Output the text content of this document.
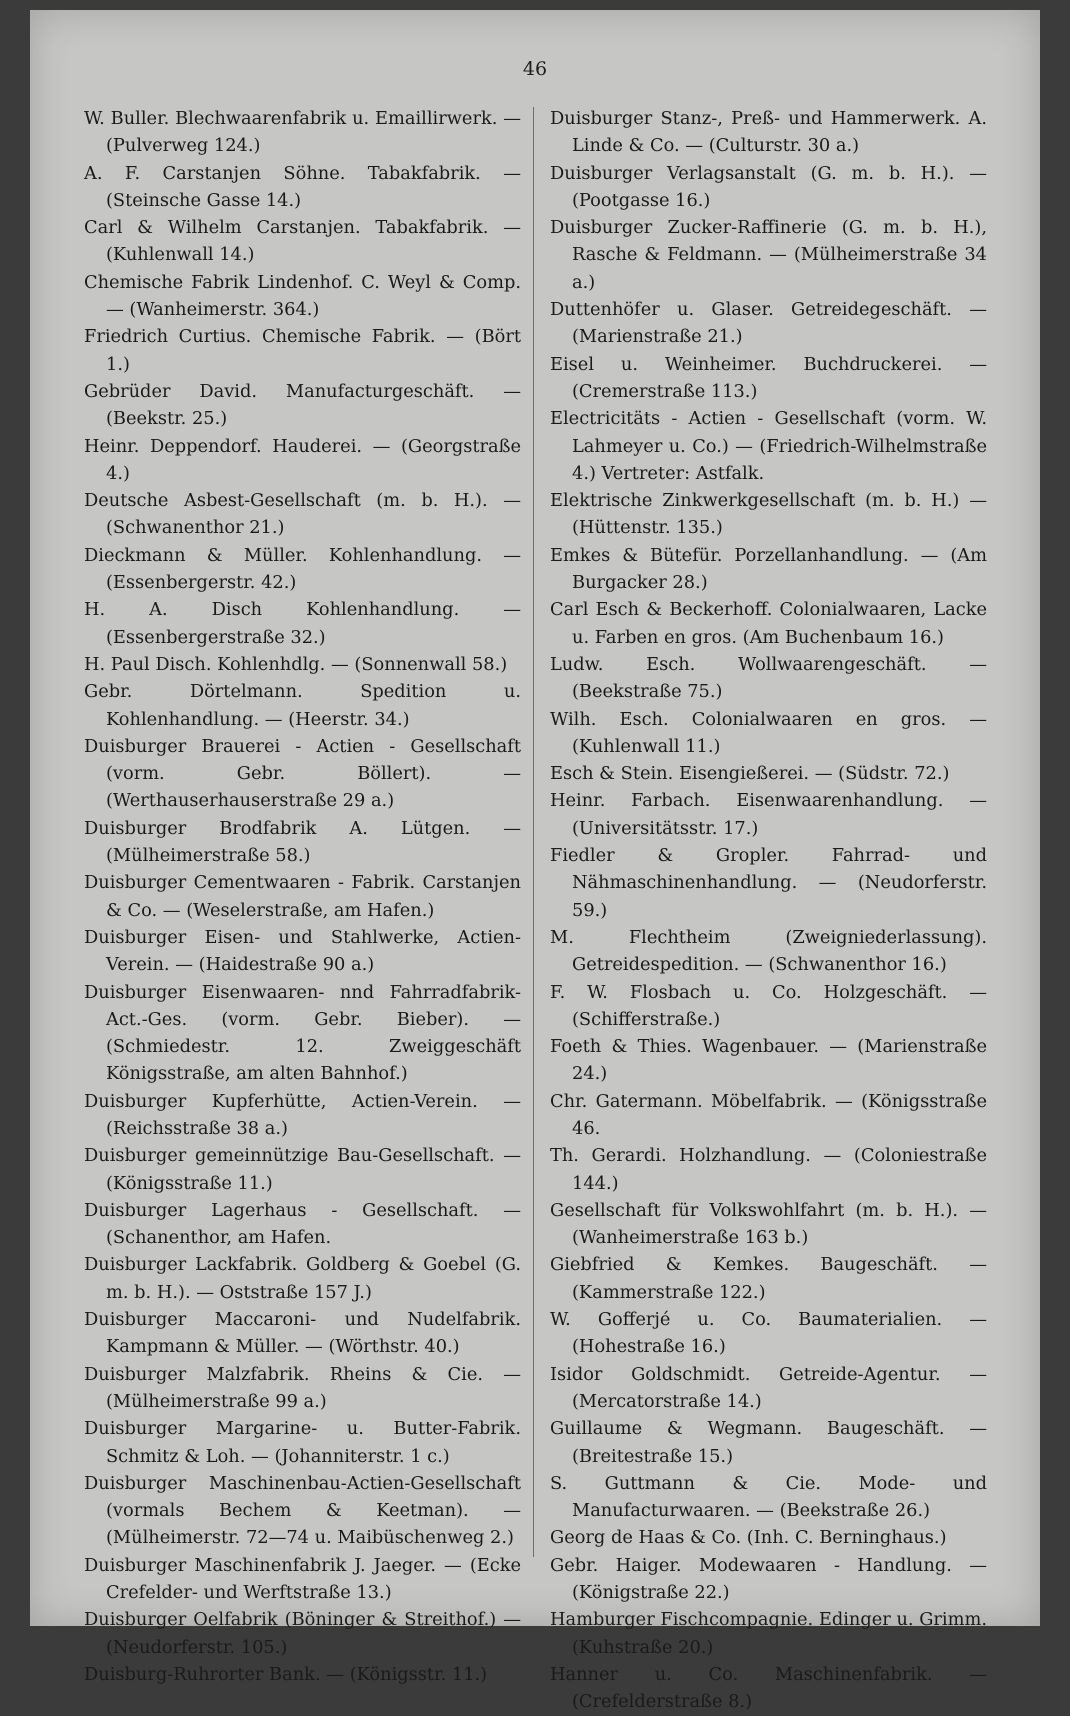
46

W. Buller. Blechwaarenfabrik u. Emaillirwerk. — (Pulverweg 124.)

A. F. Carstanjen Söhne. Tabakfabrik. — (Steinsche Gasse 14.)

Carl & Wilhelm Carstanjen. Tabakfabrik. — (Kuhlenwall 14.)

Chemische Fabrik Lindenhof. C. Weyl & Comp. — (Wanheimerstr. 364.)

Friedrich Curtius. Chemische Fabrik. — (Bört 1.)

Gebrüder David. Manufacturgeschäft. — (Beekstr. 25.)

Heinr. Deppendorf. Hauderei. — (Georgstraße 4.)

Deutsche Asbest-Gesellschaft (m. b. H.). — (Schwanenthor 21.)

Dieckmann & Müller. Kohlenhandlung. — (Essenbergerstr. 42.)

H. A. Disch Kohlenhandlung. — (Essenbergerstraße 32.)

H. Paul Disch. Kohlenhdlg. — (Sonnenwall 58.)

Gebr. Dörtelmann. Spedition u. Kohlenhandlung. — (Heerstr. 34.)

Duisburger Brauerei - Actien - Gesellschaft (vorm. Gebr. Böllert). — (Werthauserhauserstraße 29 a.)

Duisburger Brodfabrik A. Lütgen. — (Mülheimerstraße 58.)

Duisburger Cementwaaren - Fabrik. Carstanjen & Co. — (Weselerstraße, am Hafen.)

Duisburger Eisen- und Stahlwerke, Actien-Verein. — (Haidestraße 90 a.)

Duisburger Eisenwaaren- nnd Fahrradfabrik-Act.-Ges. (vorm. Gebr. Bieber). — (Schmiedestr. 12. Zweiggeschäft Königsstraße, am alten Bahnhof.)

Duisburger Kupferhütte, Actien-Verein. — (Reichsstraße 38 a.)

Duisburger gemeinnützige Bau-Gesellschaft. — (Königsstraße 11.)

Duisburger Lagerhaus - Gesellschaft. — (Schanenthor, am Hafen.

Duisburger Lackfabrik. Goldberg & Goebel (G. m. b. H.). — Oststraße 157 J.)

Duisburger Maccaroni- und Nudelfabrik. Kampmann & Müller. — (Wörthstr. 40.)

Duisburger Malzfabrik. Rheins & Cie. — (Mülheimerstraße 99 a.)

Duisburger Margarine- u. Butter-Fabrik. Schmitz & Loh. — (Johanniterstr. 1 c.)

Duisburger Maschinenbau-Actien-Gesellschaft (vormals Bechem & Keetman). — (Mülheimerstr. 72—74 u. Maibüschenweg 2.)

Duisburger Maschinenfabrik J. Jaeger. — (Ecke Crefelder- und Werftstraße 13.)

Duisburger Oelfabrik (Böninger & Streithof.) — (Neudorferstr. 105.)

Duisburg-Ruhrorter Bank. — (Königsstr. 11.)

Duisburger Stanz-, Preß- und Hammerwerk. A. Linde & Co. — (Culturstr. 30 a.)

Duisburger Verlagsanstalt (G. m. b. H.). — (Pootgasse 16.)

Duisburger Zucker-Raffinerie (G. m. b. H.), Rasche & Feldmann. — (Mülheimerstraße 34 a.)

Duttenhöfer u. Glaser. Getreidegeschäft. — (Marienstraße 21.)

Eisel u. Weinheimer. Buchdruckerei. — (Cremerstraße 113.)

Electricitäts - Actien - Gesellschaft (vorm. W. Lahmeyer u. Co.) — (Friedrich-Wilhelmstraße 4.) Vertreter: Astfalk.

Elektrische Zinkwerkgesellschaft (m. b. H.) — (Hüttenstr. 135.)

Emkes & Bütefür. Porzellanhandlung. — (Am Burgacker 28.)

Carl Esch & Beckerhoff. Colonialwaaren, Lacke u. Farben en gros. (Am Buchenbaum 16.)

Ludw. Esch. Wollwaarengeschäft. — (Beekstraße 75.)

Wilh. Esch. Colonialwaaren en gros. — (Kuhlenwall 11.)

Esch & Stein. Eisengießerei. — (Südstr. 72.)

Heinr. Farbach. Eisenwaarenhandlung. — (Universitätsstr. 17.)

Fiedler & Gropler. Fahrrad- und Nähmaschinenhandlung. — (Neudorferstr. 59.)

M. Flechtheim (Zweigniederlassung). Getreidespedition. — (Schwanenthor 16.)

F. W. Flosbach u. Co. Holzgeschäft. — (Schifferstraße.)

Foeth & Thies. Wagenbauer. — (Marienstraße 24.)

Chr. Gatermann. Möbelfabrik. — (Königsstraße 46.

Th. Gerardi. Holzhandlung. — (Coloniestraße 144.)

Gesellschaft für Volkswohlfahrt (m. b. H.). — (Wanheimerstraße 163 b.)

Giebfried & Kemkes. Baugeschäft. — (Kammerstraße 122.)

W. Gofferjé u. Co. Baumaterialien. — (Hohestraße 16.)

Isidor Goldschmidt. Getreide-Agentur. — (Mercatorstraße 14.)

Guillaume & Wegmann. Baugeschäft. — (Breitestraße 15.)

S. Guttmann & Cie. Mode- und Manufacturwaaren. — (Beekstraße 26.)

Georg de Haas & Co. (Inh. C. Berninghaus.)

Gebr. Haiger. Modewaaren - Handlung. — (Königstraße 22.)

Hamburger Fischcompagnie. Edinger u. Grimm. (Kuhstraße 20.)

Hanner u. Co. Maschinenfabrik. — (Crefelderstraße 8.)
